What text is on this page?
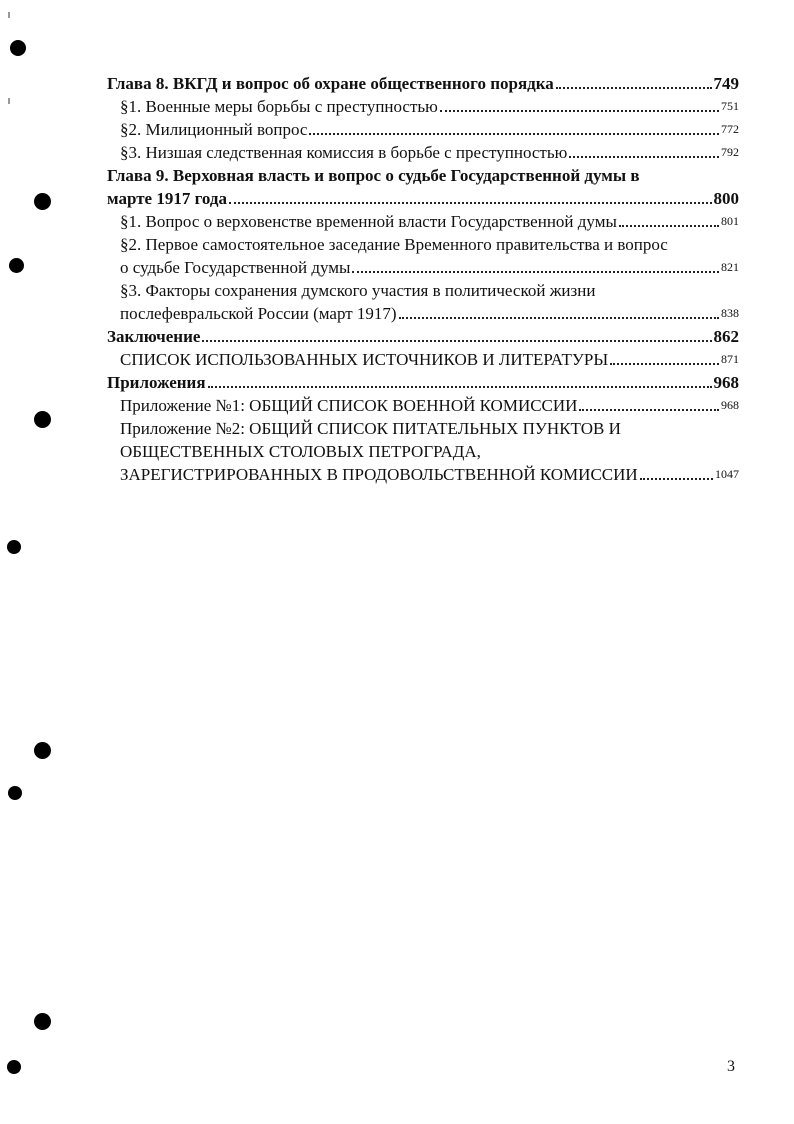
Глава 8. ВКГД и вопрос об охране общественного порядка	749
§1. Военные меры борьбы с преступностью	751
§2. Милиционный вопрос	772
§3. Низшая следственная комиссия в борьбе с преступностью	792
Глава 9. Верховная власть и вопрос о судьбе Государственной думы в
марте 1917 года	800
§1. Вопрос о верховенстве временной власти Государственной думы	801
§2. Первое самостоятельное заседание Временного правительства и вопрос
о судьбе Государственной думы	821
§3. Факторы сохранения думского участия в политической жизни
послефевральской России (март 1917)	838
Заключение	862
СПИСОК ИСПОЛЬЗОВАННЫХ ИСТОЧНИКОВ И ЛИТЕРАТУРЫ	871
Приложения	968
Приложение №1: ОБЩИЙ СПИСОК ВОЕННОЙ КОМИССИИ	968
Приложение №2: ОБЩИЙ СПИСОК ПИТАТЕЛЬНЫХ ПУНКТОВ И
ОБЩЕСТВЕННЫХ СТОЛОВЫХ ПЕТРОГРАДА,
ЗАРЕГИСТРИРОВАННЫХ В ПРОДОВОЛЬСТВЕННОЙ КОМИССИИ	1047
3
